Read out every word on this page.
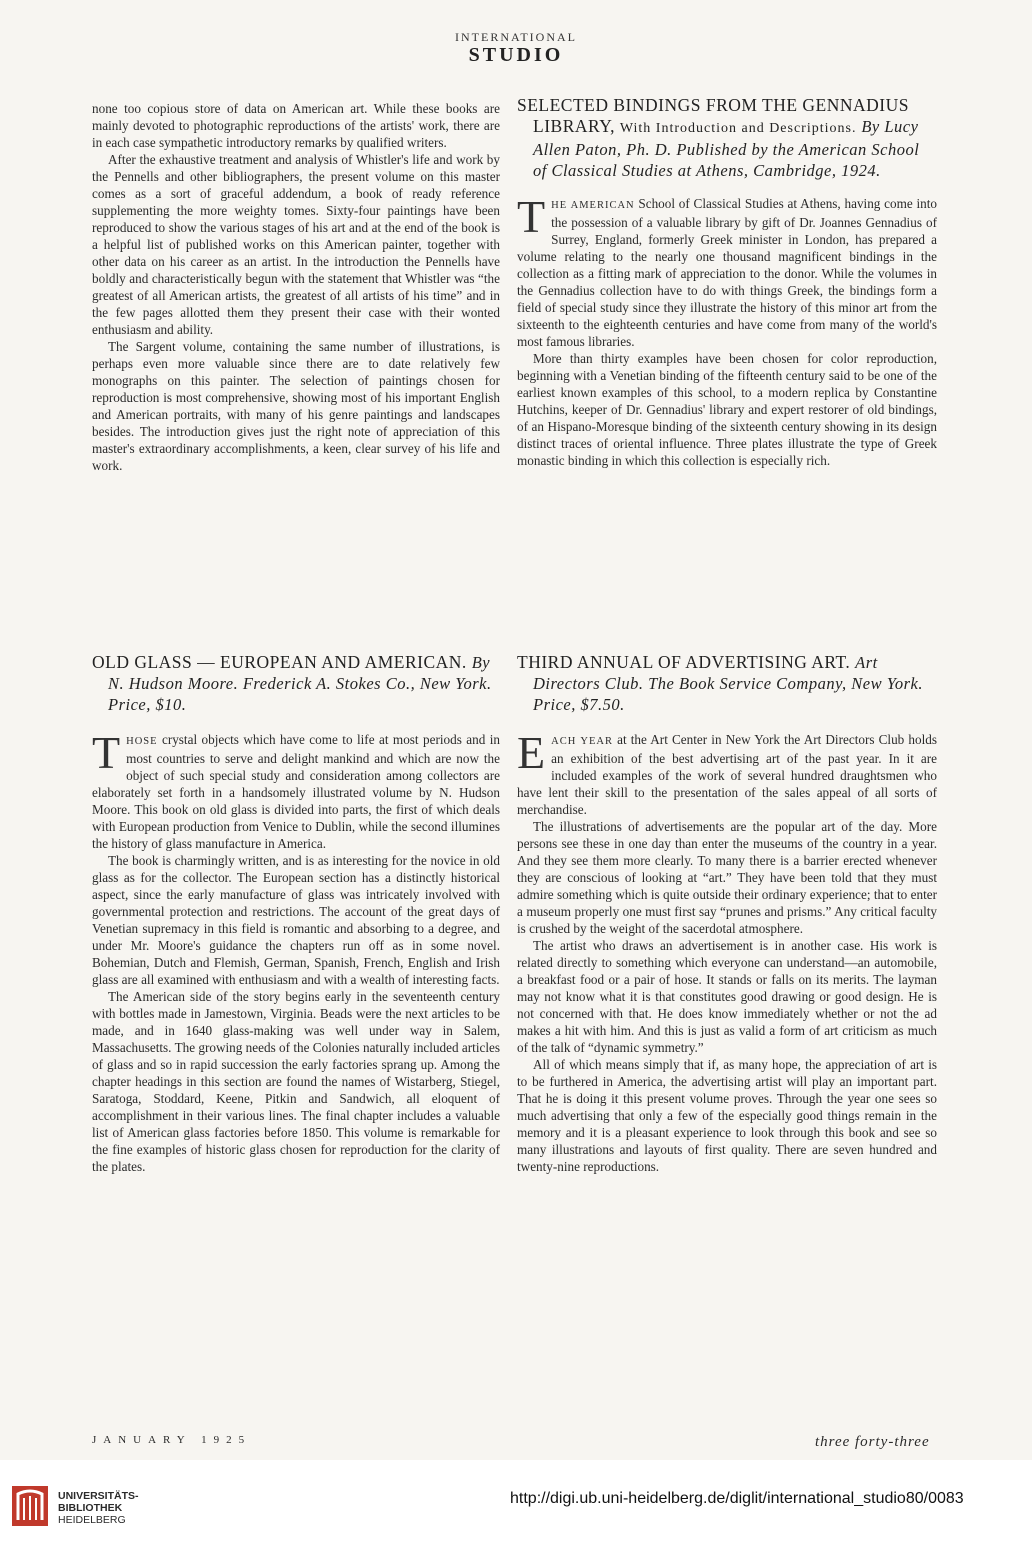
INTERNATIONAL
STUDIO

none too copious store of data on American art. While these books are mainly devoted to photographic reproductions of the artists' work, there are in each case sympathetic introductory remarks by qualified writers.

After the exhaustive treatment and analysis of Whistler's life and work by the Pennells and other bibliographers, the present volume on this master comes as a sort of graceful addendum, a book of ready reference supplementing the more weighty tomes. Sixty-four paintings have been reproduced to show the various stages of his art and at the end of the book is a helpful list of published works on this American painter, together with other data on his career as an artist. In the introduction the Pennells have boldly and characteristically begun with the statement that Whistler was “the greatest of all American artists, the greatest of all artists of his time” and in the few pages allotted them they present their case with their wonted enthusiasm and ability.

The Sargent volume, containing the same number of illustrations, is perhaps even more valuable since there are to date relatively few monographs on this painter. The selection of paintings chosen for reproduction is most comprehensive, showing most of his important English and American portraits, with many of his genre paintings and landscapes besides. The introduction gives just the right note of appreciation of this master's extraordinary accomplishments, a keen, clear survey of his life and work.

OLD GLASS — EUROPEAN AND AMERICAN. By N. Hudson Moore. Frederick A. Stokes Co., New York. Price, $10.

THOSE crystal objects which have come to life at most periods and in most countries to serve and delight mankind and which are now the object of such special study and consideration among collectors are elaborately set forth in a handsomely illustrated volume by N. Hudson Moore. This book on old glass is divided into parts, the first of which deals with European production from Venice to Dublin, while the second illumines the history of glass manufacture in America.

The book is charmingly written, and is as interesting for the novice in old glass as for the collector. The European section has a distinctly historical aspect, since the early manufacture of glass was intricately involved with governmental protection and restrictions. The account of the great days of Venetian supremacy in this field is romantic and absorbing to a degree, and under Mr. Moore's guidance the chapters run off as in some novel. Bohemian, Dutch and Flemish, German, Spanish, French, English and Irish glass are all examined with enthusiasm and with a wealth of interesting facts.

The American side of the story begins early in the seventeenth century with bottles made in Jamestown, Virginia. Beads were the next articles to be made, and in 1640 glass-making was well under way in Salem, Massachusetts. The growing needs of the Colonies naturally included articles of glass and so in rapid succession the early factories sprang up. Among the chapter headings in this section are found the names of Wistarberg, Stiegel, Saratoga, Stoddard, Keene, Pitkin and Sandwich, all eloquent of accomplishment in their various lines. The final chapter includes a valuable list of American glass factories before 1850. This volume is remarkable for the fine examples of historic glass chosen for reproduction for the clarity of the plates.

SELECTED BINDINGS FROM THE GENNADIUS LIBRARY, With Introduction and Descriptions. By Lucy Allen Paton, Ph. D. Published by the American School of Classical Studies at Athens, Cambridge, 1924.

THE AMERICAN School of Classical Studies at Athens, having come into the possession of a valuable library by gift of Dr. Joannes Gennadius of Surrey, England, formerly Greek minister in London, has prepared a volume relating to the nearly one thousand magnificent bindings in the collection as a fitting mark of appreciation to the donor. While the volumes in the Gennadius collection have to do with things Greek, the bindings form a field of special study since they illustrate the history of this minor art from the sixteenth to the eighteenth centuries and have come from many of the world's most famous libraries.

More than thirty examples have been chosen for color reproduction, beginning with a Venetian binding of the fifteenth century said to be one of the earliest known examples of this school, to a modern replica by Constantine Hutchins, keeper of Dr. Gennadius' library and expert restorer of old bindings, of an Hispano-Moresque binding of the sixteenth century showing in its design distinct traces of oriental influence. Three plates illustrate the type of Greek monastic binding in which this collection is especially rich.

THIRD ANNUAL OF ADVERTISING ART. Art Directors Club. The Book Service Company, New York. Price, $7.50.

EACH YEAR at the Art Center in New York the Art Directors Club holds an exhibition of the best advertising art of the past year. In it are included examples of the work of several hundred draughtsmen who have lent their skill to the presentation of the sales appeal of all sorts of merchandise.

The illustrations of advertisements are the popular art of the day. More persons see these in one day than enter the museums of the country in a year. And they see them more clearly. To many there is a barrier erected whenever they are conscious of looking at “art.” They have been told that they must admire something which is quite outside their ordinary experience; that to enter a museum properly one must first say “prunes and prisms.” Any critical faculty is crushed by the weight of the sacerdotal atmosphere.

The artist who draws an advertisement is in another case. His work is related directly to something which everyone can understand—an automobile, a breakfast food or a pair of hose. It stands or falls on its merits. The layman may not know what it is that constitutes good drawing or good design. He is not concerned with that. He does know immediately whether or not the ad makes a hit with him. And this is just as valid a form of art criticism as much of the talk of “dynamic symmetry.”

All of which means simply that if, as many hope, the appreciation of art is to be furthered in America, the advertising artist will play an important part. That he is doing it this present volume proves. Through the year one sees so much advertising that only a few of the especially good things remain in the memory and it is a pleasant experience to look through this book and see so many illustrations and layouts of first quality. There are seven hundred and twenty-nine reproductions.

JANUARY 1925	three forty-three
UNIVERSITÄTS-
BIBLIOTHEK
HEIDELBERG
http://digi.ub.uni-heidelberg.de/diglit/international_studio80/0083
